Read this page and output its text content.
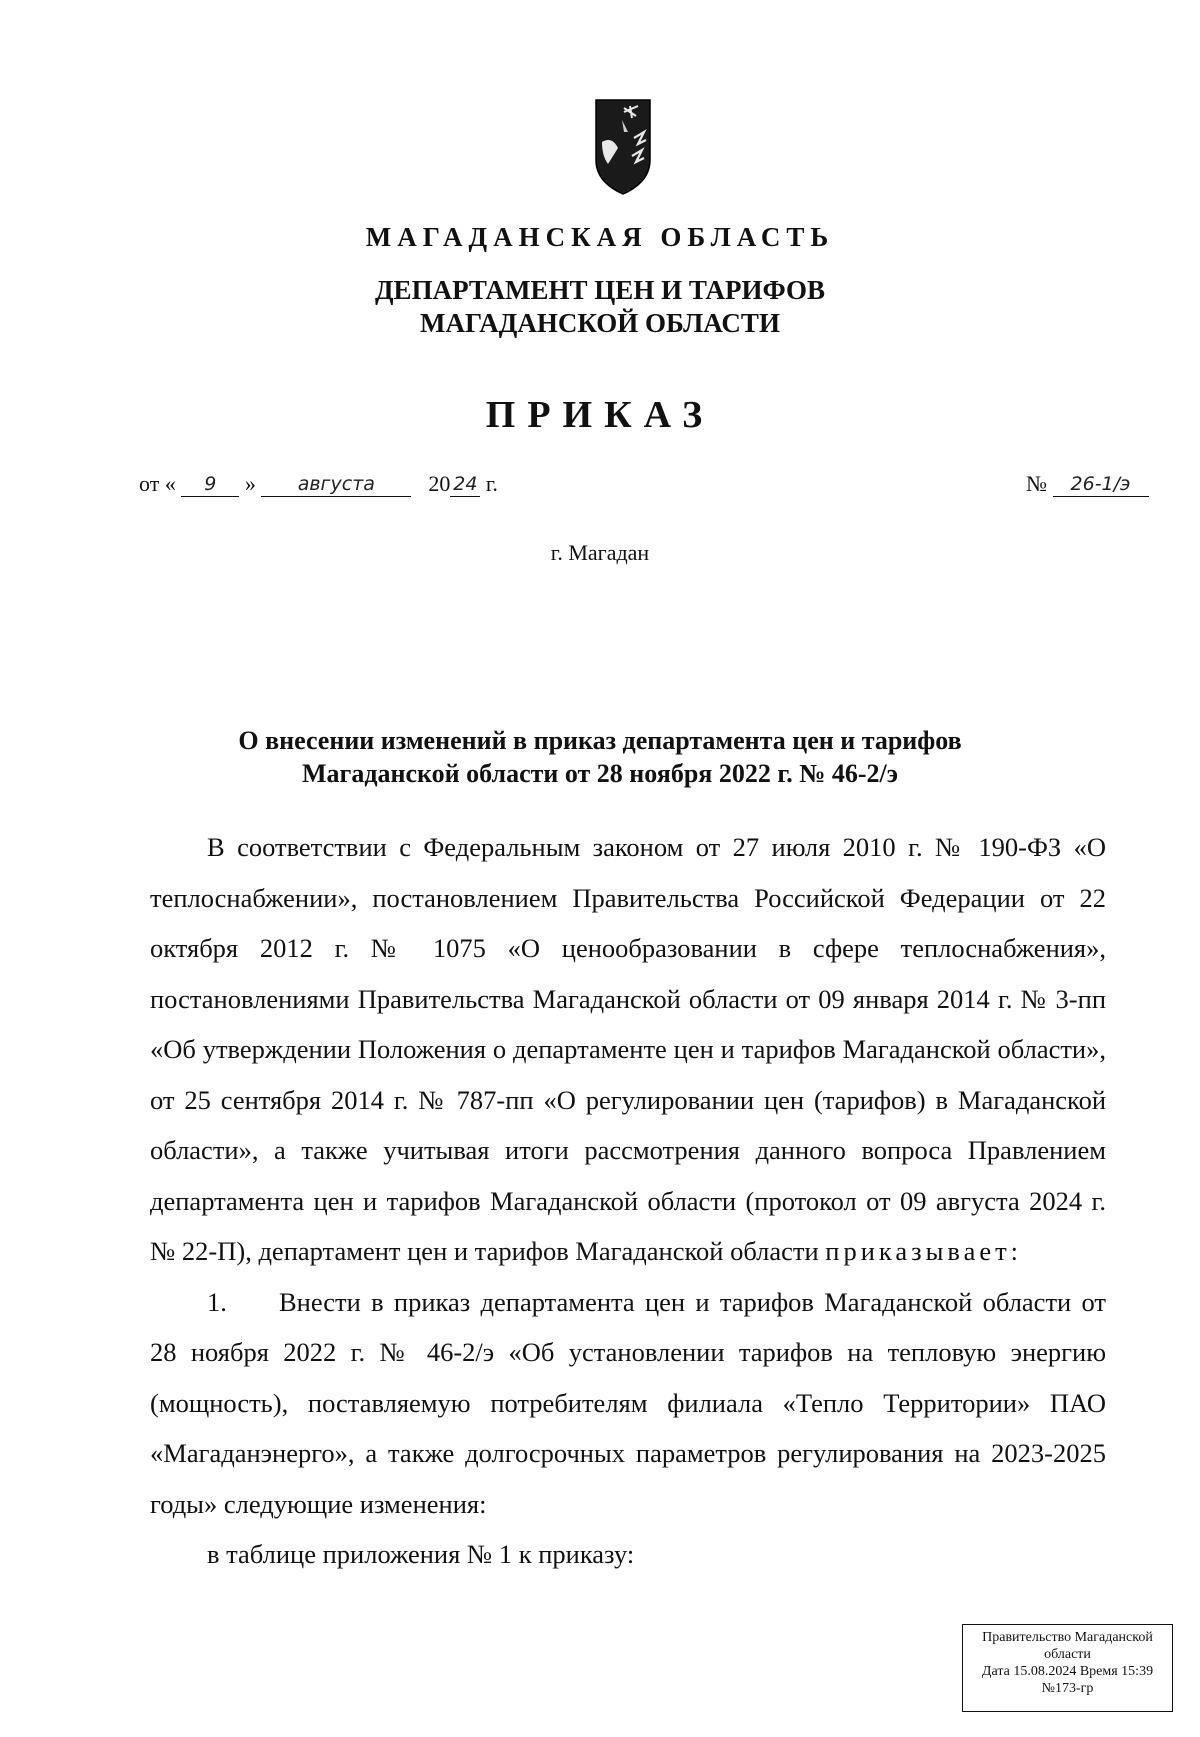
МАГАДАНСКАЯ ОБЛАСТЬ
ДЕПАРТАМЕНТ ЦЕН И ТАРИФОВ
МАГАДАНСКОЙ ОБЛАСТИ
ПРИКАЗ
от « 9 » августа 20 24 г.	№ 26-1/э
г. Магадан
О внесении изменений в приказ департамента цен и тарифов
Магаданской области от 28 ноября 2022 г. № 46-2/э

В соответствии с Федеральным законом от 27 июля 2010 г. № 190-ФЗ «О теплоснабжении», постановлением Правительства Российской Федерации от 22 октября 2012 г. № 1075 «О ценообразовании в сфере теплоснабжения», постановлениями Правительства Магаданской области от 09 января 2014 г. № 3-пп «Об утверждении Положения о департаменте цен и тарифов Магаданской области», от 25 сентября 2014 г. № 787-пп «О регулировании цен (тарифов) в Магаданской области», а также учитывая итоги рассмотрения данного вопроса Правлением департамента цен и тарифов Магаданской области (протокол от 09 августа 2024 г. № 22-П), департамент цен и тарифов Магаданской области приказывает:

1. Внести в приказ департамента цен и тарифов Магаданской области от 28 ноября 2022 г. № 46-2/э «Об установлении тарифов на тепловую энергию (мощность), поставляемую потребителям филиала «Тепло Территории» ПАО «Магаданэнерго», а также долгосрочных параметров регулирования на 2023-2025 годы» следующие изменения:

в таблице приложения № 1 к приказу:

Правительство Магаданской
области
Дата 15.08.2024 Время 15:39
№173-гр
